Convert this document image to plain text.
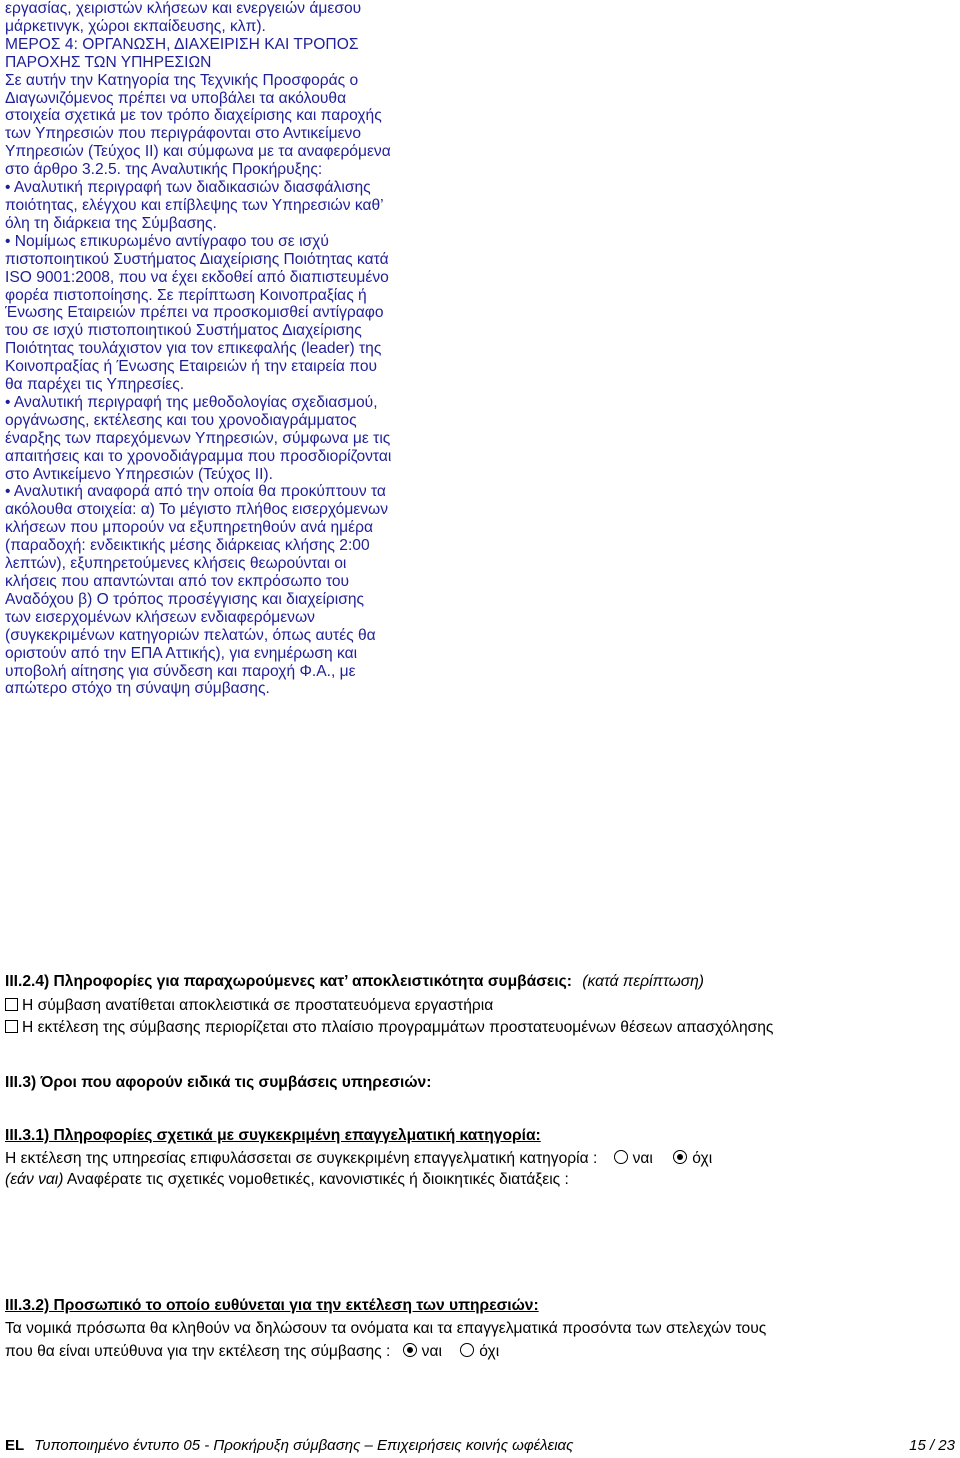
εργασίας, χειριστών κλήσεων και ενεργειών άμεσου

μάρκετινγκ, χώροι εκπαίδευσης, κλπ).

ΜΕΡΟΣ 4: ΟΡΓΑΝΩΣΗ, ΔΙΑΧΕΙΡΙΣΗ ΚΑΙ ΤΡΟΠΟΣ

ΠΑΡΟΧΗΣ ΤΩΝ ΥΠΗΡΕΣΙΩΝ

Σε αυτήν την Κατηγορία της Τεχνικής Προσφοράς ο

Διαγωνιζόμενος πρέπει να υποβάλει τα ακόλουθα

στοιχεία σχετικά με τον τρόπο διαχείρισης και παροχής

των Υπηρεσιών που περιγράφονται στο Αντικείμενο

Υπηρεσιών (Τεύχος ΙΙ) και σύμφωνα με τα αναφερόμενα

στο άρθρο 3.2.5. της Αναλυτικής Προκήρυξης:

• Αναλυτική περιγραφή των διαδικασιών διασφάλισης

ποιότητας, ελέγχου και επίβλεψης των Υπηρεσιών καθ’

όλη τη διάρκεια της Σύμβασης.

• Νομίμως επικυρωμένο αντίγραφο του σε ισχύ

πιστοποιητικού Συστήματος Διαχείρισης Ποιότητας κατά

ISO 9001:2008, που να έχει εκδοθεί από διαπιστευμένο

φορέα πιστοποίησης. Σε περίπτωση Κοινοπραξίας ή

Ένωσης Εταιρειών πρέπει να προσκομισθεί αντίγραφο

του σε ισχύ πιστοποιητικού Συστήματος Διαχείρισης

Ποιότητας τουλάχιστον για τον επικεφαλής (leader) της

Κοινοπραξίας ή Ένωσης Εταιρειών ή την εταιρεία που

θα παρέχει τις Υπηρεσίες.

• Αναλυτική περιγραφή της μεθοδολογίας σχεδιασμού,

οργάνωσης, εκτέλεσης και του χρονοδιαγράμματος

έναρξης των παρεχόμενων Υπηρεσιών, σύμφωνα με τις

απαιτήσεις και το χρονοδιάγραμμα που προσδιορίζονται

στο Αντικείμενο Υπηρεσιών (Τεύχος ΙΙ).

• Αναλυτική αναφορά από την οποία θα προκύπτουν τα

ακόλουθα στοιχεία: α) Το μέγιστο πλήθος εισερχόμενων

κλήσεων που μπορούν να εξυπηρετηθούν ανά ημέρα

(παραδοχή: ενδεικτικής μέσης διάρκειας κλήσης 2:00

λεπτών), εξυπηρετούμενες κλήσεις θεωρούνται οι

κλήσεις που απαντώνται από τον εκπρόσωπο του

Αναδόχου β) Ο τρόπος προσέγγισης και διαχείρισης

των εισερχομένων κλήσεων ενδιαφερόμενων

(συγκεκριμένων κατηγοριών πελατών, όπως αυτές θα

οριστούν από την ΕΠΑ Αττικής), για ενημέρωση και

υποβολή αίτησης για σύνδεση και παροχή Φ.Α., με

απώτερο στόχο τη σύναψη σύμβασης.

ΙΙΙ.2.4) Πληροφορίες για παραχωρούμενες κατ’ αποκλειστικότητα συμβάσεις: (κατά περίπτωση)

Η σύμβαση ανατίθεται αποκλειστικά σε προστατευόμενα εργαστήρια

Η εκτέλεση της σύμβασης περιορίζεται στο πλαίσιο προγραμμάτων προστατευομένων θέσεων απασχόλησης

ΙΙΙ.3) Όροι που αφορούν ειδικά τις συμβάσεις υπηρεσιών:

ΙΙΙ.3.1) Πληροφορίες σχετικά με συγκεκριμένη επαγγελματική κατηγορία:

Η εκτέλεση της υπηρεσίας επιφυλάσσεται σε συγκεκριμένη επαγγελματική κατηγορία : ναι	όχι

(εάν ναι) Αναφέρατε τις σχετικές νομοθετικές, κανονιστικές ή διοικητικές διατάξεις :

ΙΙΙ.3.2) Προσωπικό το οποίο ευθύνεται για την εκτέλεση των υπηρεσιών:

Τα νομικά πρόσωπα θα κληθούν να δηλώσουν τα ονόματα και τα επαγγελματικά προσόντα των στελεχών τους

που θα είναι υπεύθυνα για την εκτέλεση της σύμβασης : ναι όχι

EL Τυποποιημένο έντυπο 05 - Προκήρυξη σύμβασης – Επιχειρήσεις κοινής ωφέλειας	15 / 23
